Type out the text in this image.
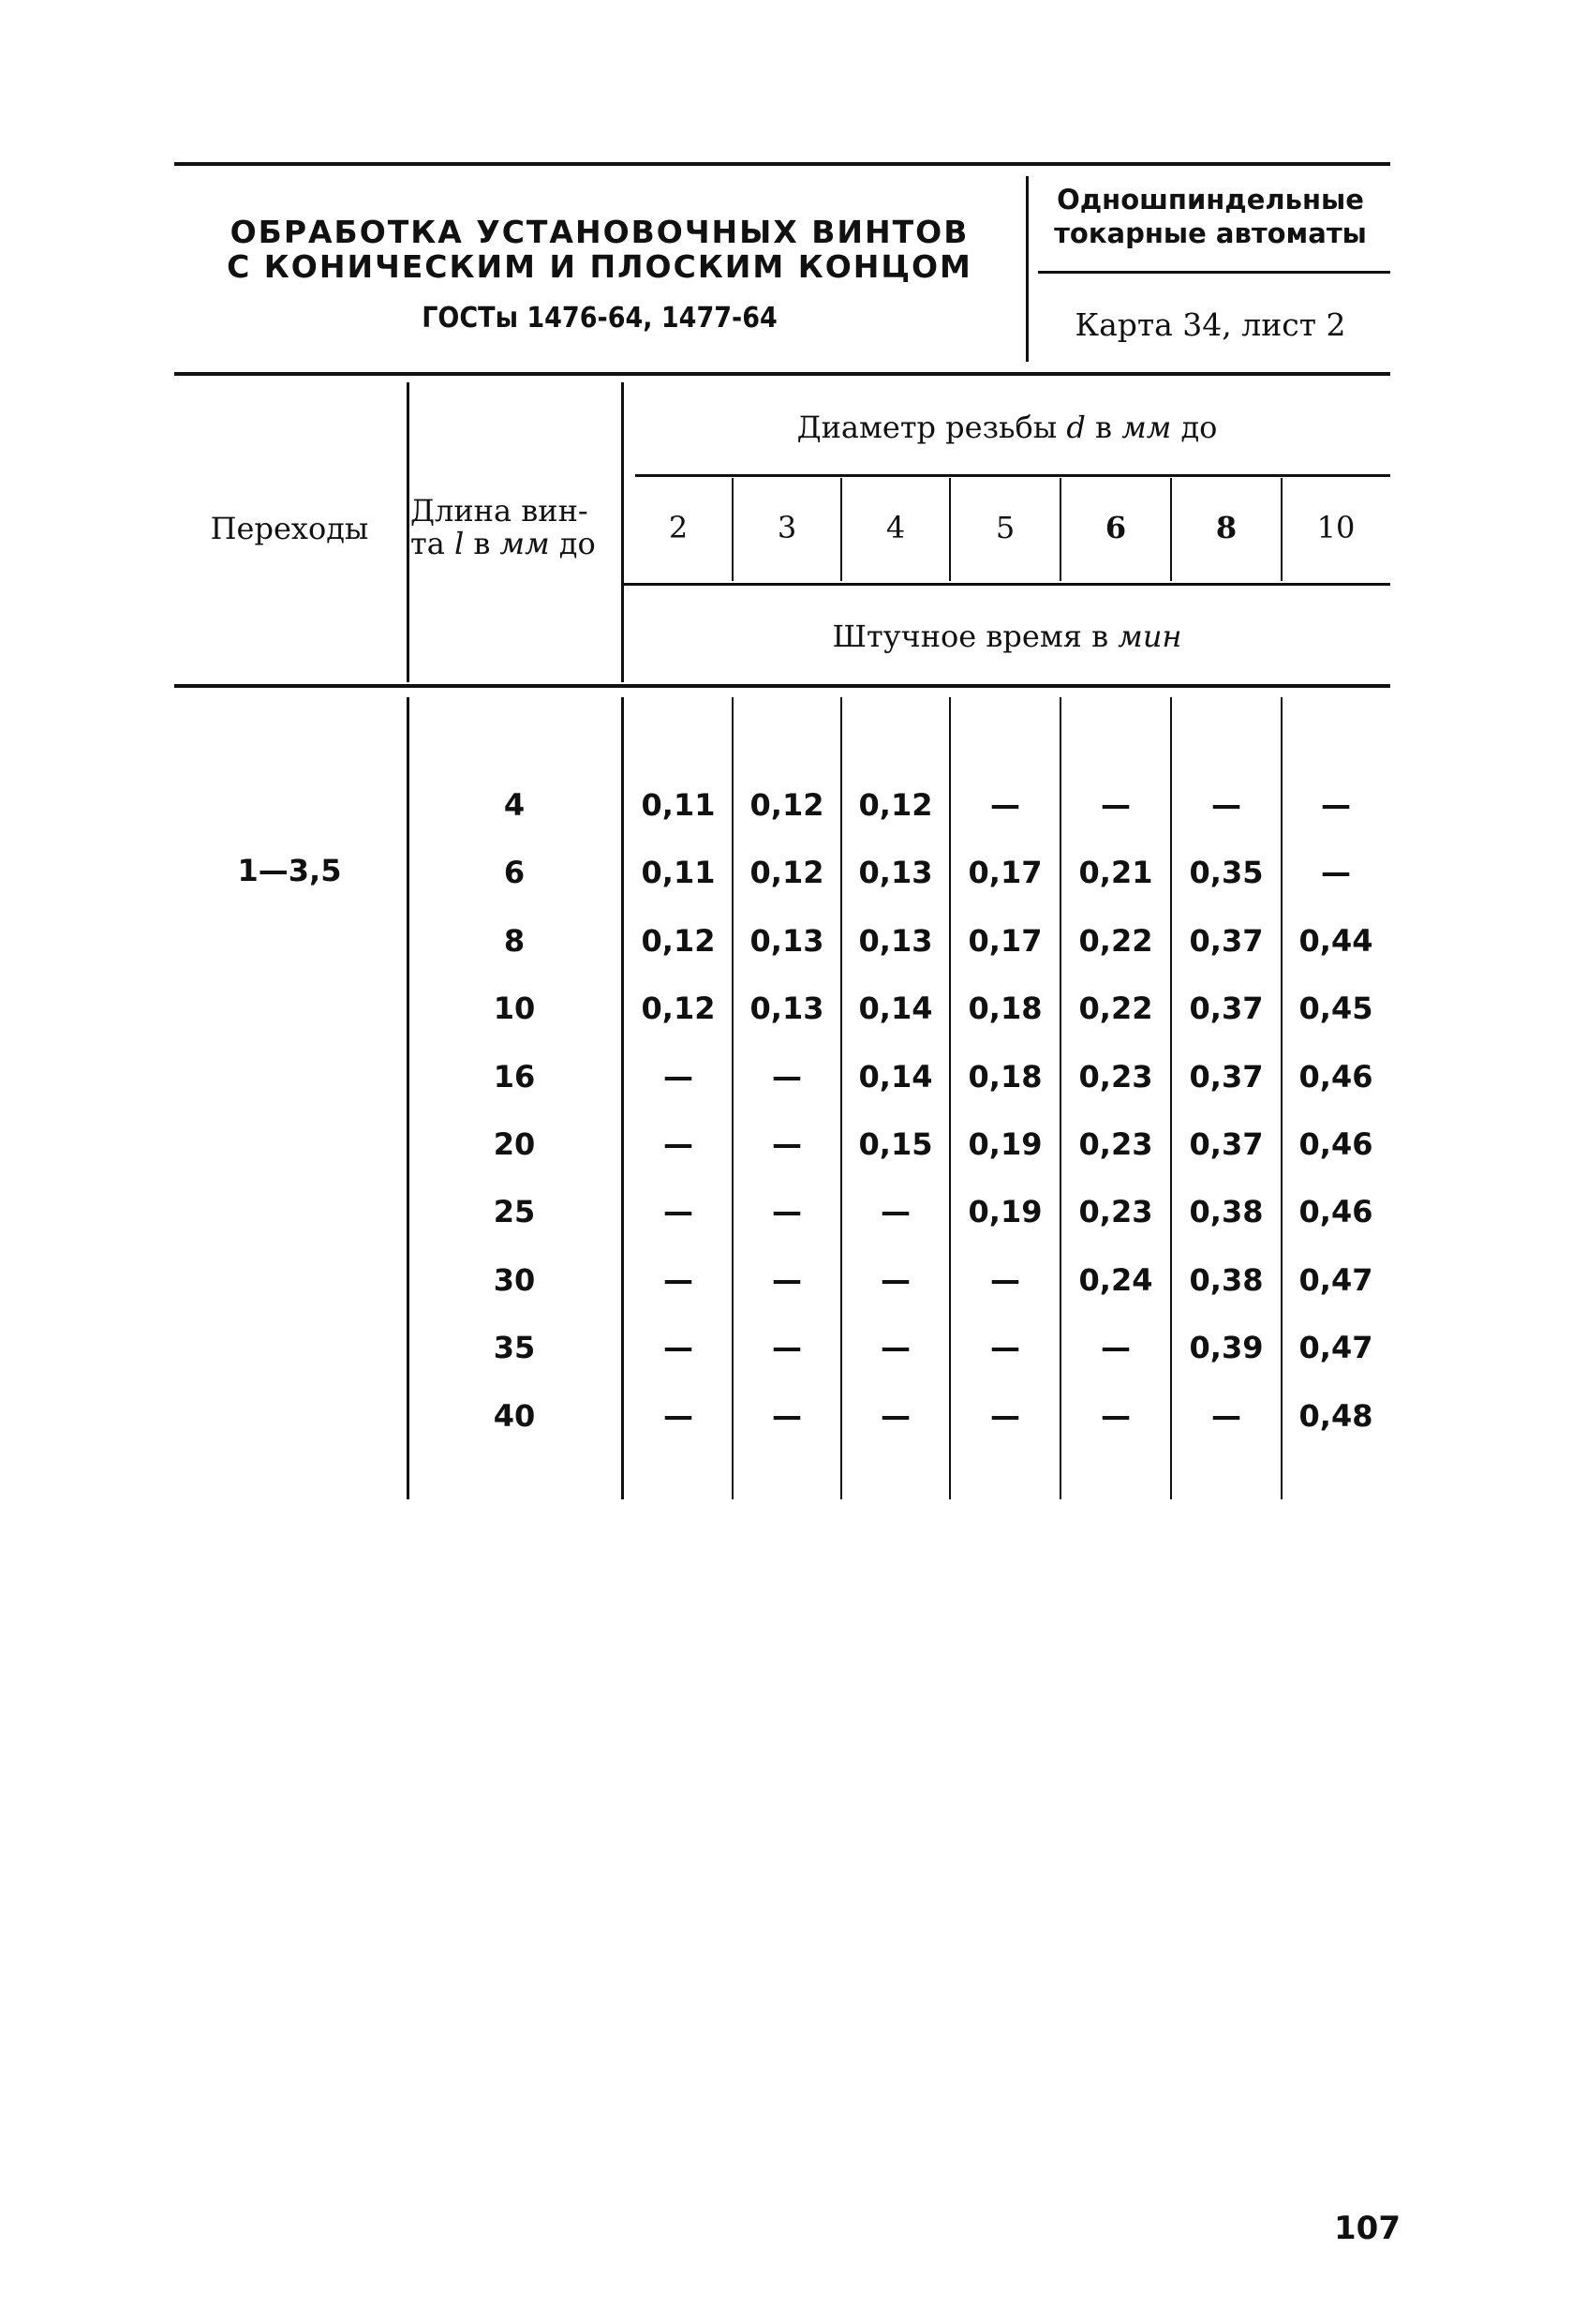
ОБРАБОТКА УСТАНОВОЧНЫХ ВИНТОВ
С КОНИЧЕСКИМ И ПЛОСКИМ КОНЦОМ
ГОСТы 1476-64, 1477-64
Одношпиндельные
токарные автоматы
Карта 34, лист 2
Переходы	Длина вин-
та l в мм до
Диаметр резьбы d в мм до
2	3	4	5	6	8	10
Штучное время в мин
1—3,5
4	0,11	0,12	0,12	—	—	—	—
6	0,11	0,12	0,13	0,17	0,21	0,35	—
8	0,12	0,13	0,13	0,17	0,22	0,37	0,44
10	0,12	0,13	0,14	0,18	0,22	0,37	0,45
16	—	—	0,14	0,18	0,23	0,37	0,46
20	—	—	0,15	0,19	0,23	0,37	0,46
25	—	—	—	0,19	0,23	0,38	0,46
30	—	—	—	—	0,24	0,38	0,47
35	—	—	—	—	—	0,39	0,47
40	—	—	—	—	—	—	0,48
107
